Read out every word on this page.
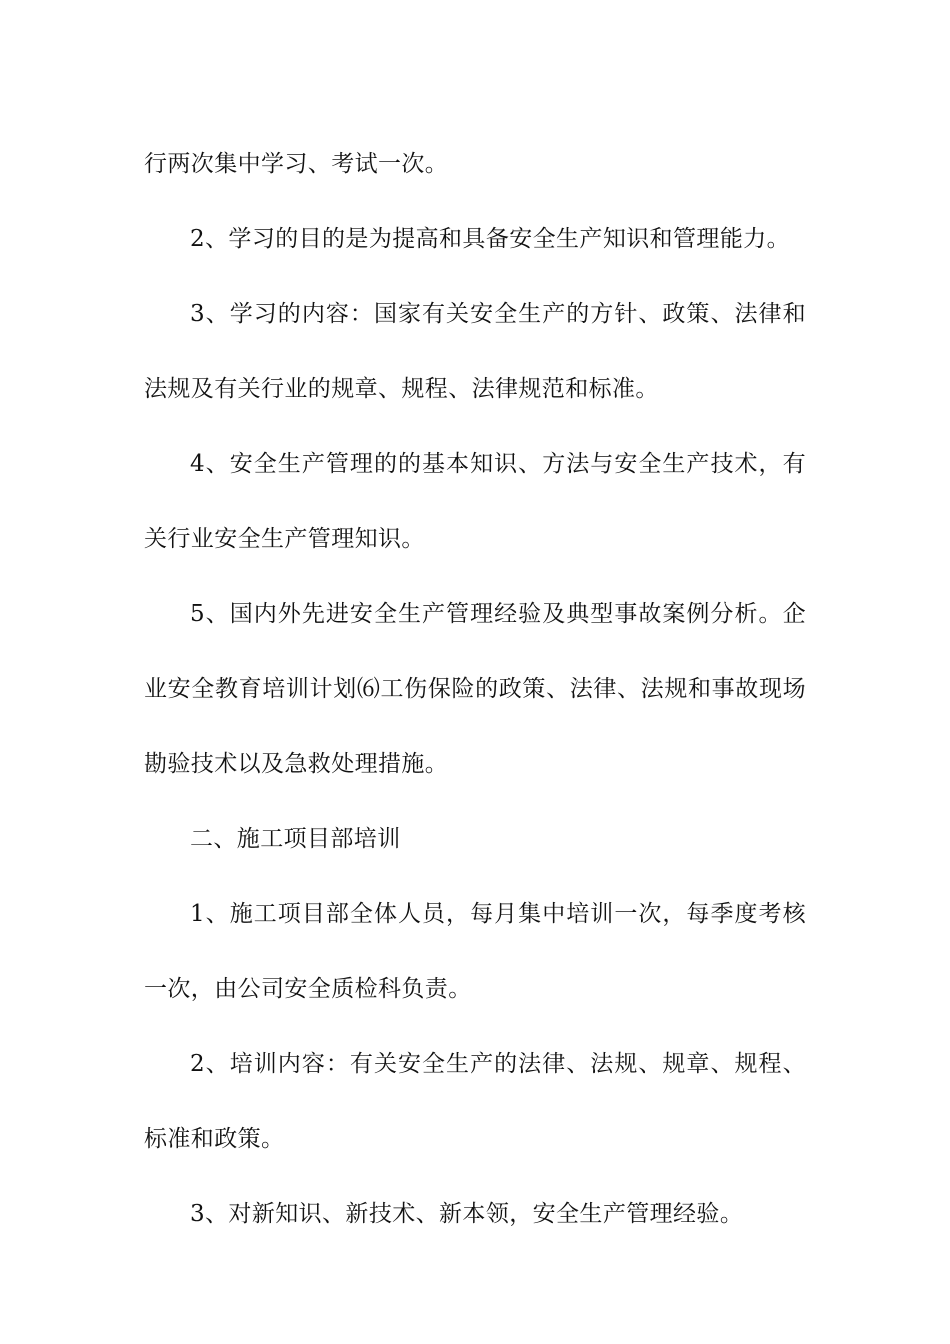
行两次集中学习、考试一次。

2、学习的目的是为提高和具备安全生产知识和管理能力。

3、学习的内容：国家有关安全生产的方针、政策、法律和法规及有关行业的规章、规程、法律规范和标准。

4、安全生产管理的的基本知识、方法与安全生产技术，有关行业安全生产管理知识。

5、国内外先进安全生产管理经验及典型事故案例分析。企业安全教育培训计划⑹工伤保险的政策、法律、法规和事故现场勘验技术以及急救处理措施。

二、施工项目部培训

1、施工项目部全体人员，每月集中培训一次，每季度考核一次，由公司安全质检科负责。

2、培训内容：有关安全生产的法律、法规、规章、规程、标准和政策。

3、对新知识、新技术、新本领，安全生产管理经验。
